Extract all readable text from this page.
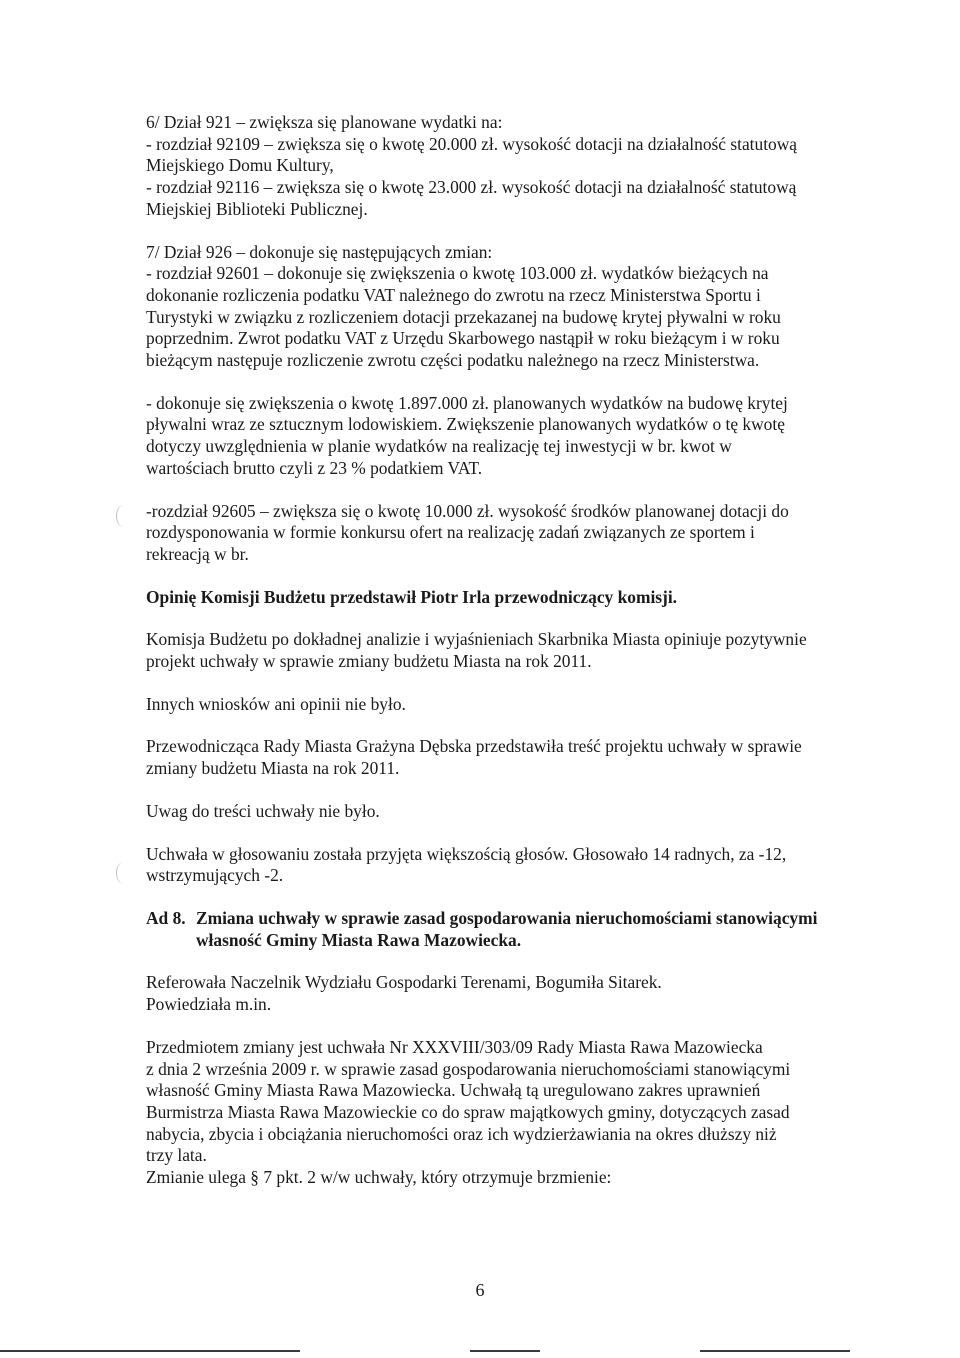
6/ Dział 921 – zwiększa się planowane wydatki na:
- rozdział 92109 – zwiększa się o kwotę 20.000 zł. wysokość dotacji na działalność statutową
Miejskiego Domu Kultury,
- rozdział 92116 – zwiększa się o kwotę 23.000 zł. wysokość dotacji na działalność statutową
Miejskiej Biblioteki Publicznej.

7/ Dział 926 – dokonuje się następujących zmian:
- rozdział 92601 – dokonuje się zwiększenia o kwotę 103.000 zł. wydatków bieżących na
dokonanie rozliczenia podatku VAT należnego do zwrotu na rzecz Ministerstwa Sportu i
Turystyki w związku z rozliczeniem dotacji przekazanej na budowę krytej pływalni w roku
poprzednim. Zwrot podatku VAT z Urzędu Skarbowego nastąpił w roku bieżącym i w roku
bieżącym następuje rozliczenie zwrotu części podatku należnego na rzecz Ministerstwa.

- dokonuje się zwiększenia o kwotę 1.897.000 zł. planowanych wydatków na budowę krytej
pływalni wraz ze sztucznym lodowiskiem. Zwiększenie planowanych wydatków o tę kwotę
dotyczy uwzględnienia w planie wydatków na realizację tej inwestycji w br. kwot w
wartościach brutto czyli z 23 % podatkiem VAT.

-rozdział 92605 – zwiększa się o kwotę 10.000 zł. wysokość środków planowanej dotacji do
rozdysponowania w formie konkursu ofert na realizację zadań związanych ze sportem i
rekreacją w br.

Opinię Komisji Budżetu przedstawił Piotr Irla przewodniczący komisji.

Komisja Budżetu po dokładnej analizie i wyjaśnieniach Skarbnika Miasta opiniuje pozytywnie
projekt uchwały w sprawie zmiany budżetu Miasta na rok 2011.

Innych wniosków ani opinii nie było.

Przewodnicząca Rady Miasta Grażyna Dębska przedstawiła treść projektu uchwały w sprawie
zmiany budżetu Miasta na rok 2011.

Uwag do treści uchwały nie było.

Uchwała w głosowaniu została przyjęta większością głosów. Głosowało 14 radnych, za -12,
wstrzymujących -2.

Ad 8. Zmiana uchwały w sprawie zasad gospodarowania nieruchomościami stanowiącymi
własność Gminy Miasta Rawa Mazowiecka.

Referowała Naczelnik Wydziału Gospodarki Terenami, Bogumiła Sitarek.
Powiedziała m.in.

Przedmiotem zmiany jest uchwała Nr XXXVIII/303/09 Rady Miasta Rawa Mazowiecka
z dnia 2 września 2009 r. w sprawie zasad gospodarowania nieruchomościami stanowiącymi
własność Gminy Miasta Rawa Mazowiecka. Uchwałą tą uregulowano zakres uprawnień
Burmistrza Miasta Rawa Mazowieckie co do spraw majątkowych gminy, dotyczących zasad
nabycia, zbycia i obciążania nieruchomości oraz ich wydzierżawiania na okres dłuższy niż
trzy lata.

Zmianie ulega § 7 pkt. 2 w/w uchwały, który otrzymuje brzmienie:

6
